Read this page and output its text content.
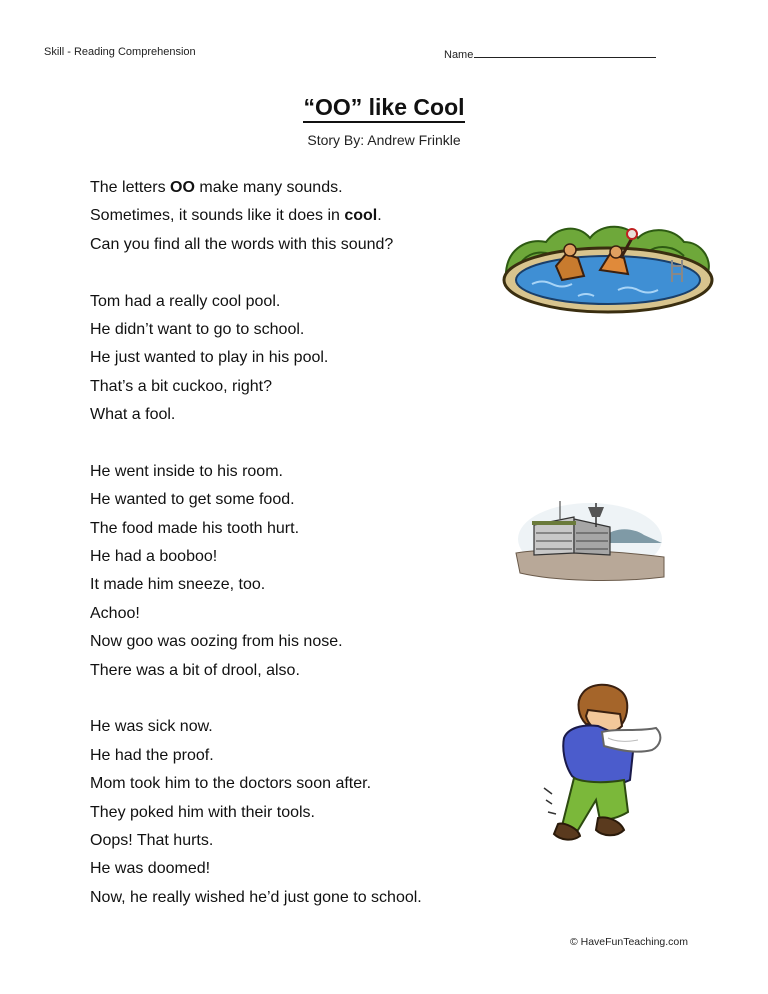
Skill - Reading Comprehension	Name
“OO” like Cool
Story By: Andrew Frinkle
The letters OO make many sounds.
Sometimes, it sounds like it does in cool.
Can you find all the words with this sound?
Tom had a really cool pool.
He didn’t want to go to school.
He just wanted to play in his pool.
That’s a bit cuckoo, right?
What a fool.
He went inside to his room.
He wanted to get some food.
The food made his tooth hurt.
He had a booboo!
It made him sneeze, too.
Achoo!
Now goo was oozing from his nose.
There was a bit of drool, also.
He was sick now.
He had the proof.
Mom took him to the doctors soon after.
They poked him with their tools.
Oops! That hurts.
He was doomed!
Now, he really wished he’d just gone to school.
© HaveFunTeaching.com
